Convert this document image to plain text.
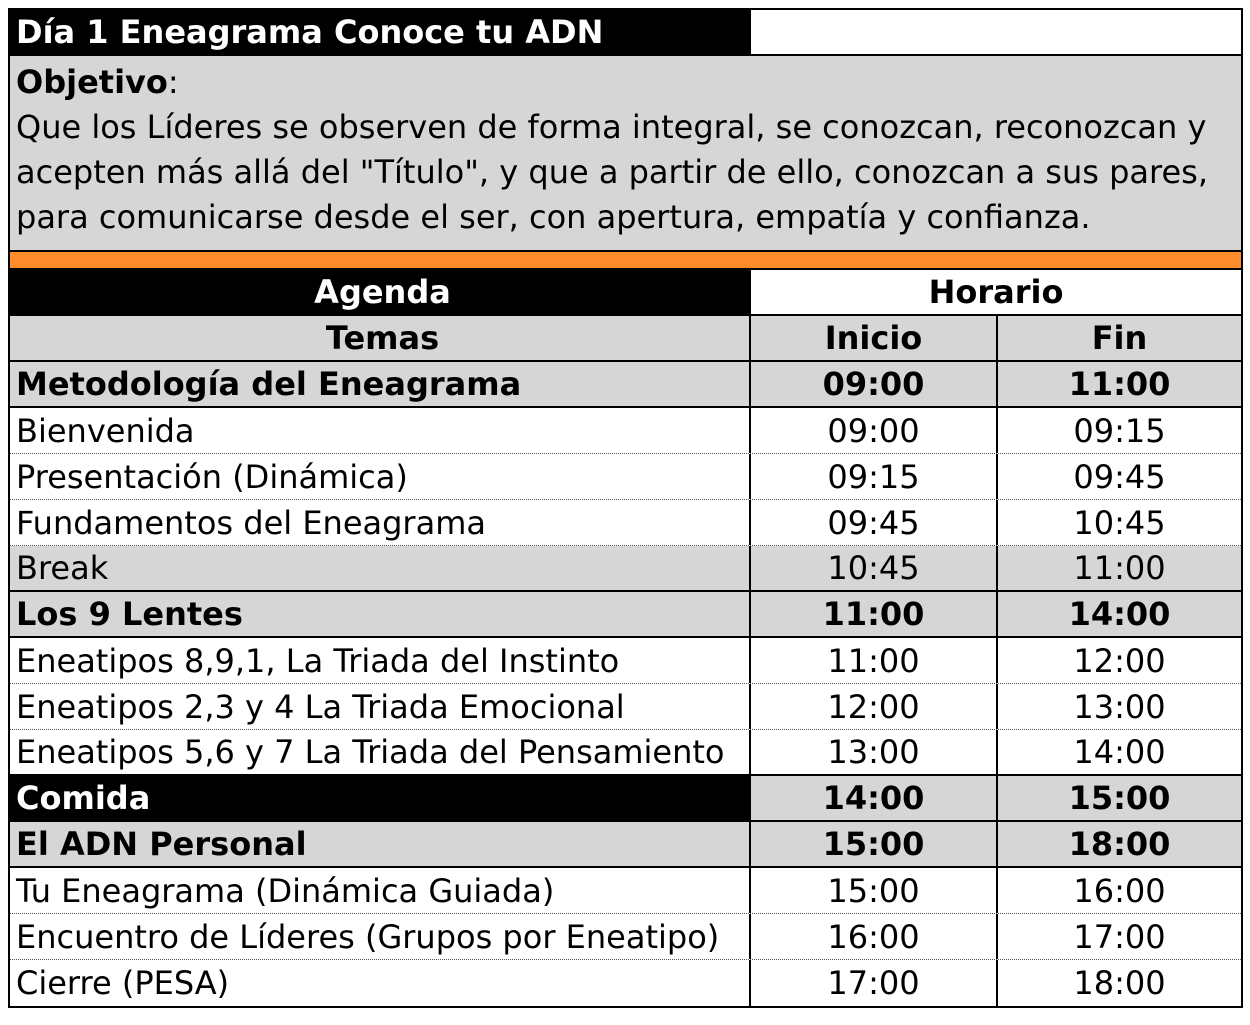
Día 1 Eneagrama Conoce tu ADN
Objetivo:
Que los Líderes se observen de forma integral, se conozcan, reconozcan y
acepten más allá del "Título", y que a partir de ello, conozcan a sus pares,
para comunicarse desde el ser, con apertura, empatía y confianza.
Agenda	Horario
Temas	Inicio	Fin
Metodología del Eneagrama	09:00	11:00
Bienvenida	09:00	09:15
Presentación (Dinámica)	09:15	09:45
Fundamentos del Eneagrama	09:45	10:45
Break	10:45	11:00
Los 9 Lentes	11:00	14:00
Eneatipos 8,9,1, La Triada del Instinto	11:00	12:00
Eneatipos 2,3 y 4 La Triada Emocional	12:00	13:00
Eneatipos 5,6 y 7 La Triada del Pensamiento	13:00	14:00
Comida	14:00	15:00
El ADN Personal	15:00	18:00
Tu Eneagrama (Dinámica Guiada)	15:00	16:00
Encuentro de Líderes (Grupos por Eneatipo)	16:00	17:00
Cierre (PESA)	17:00	18:00
